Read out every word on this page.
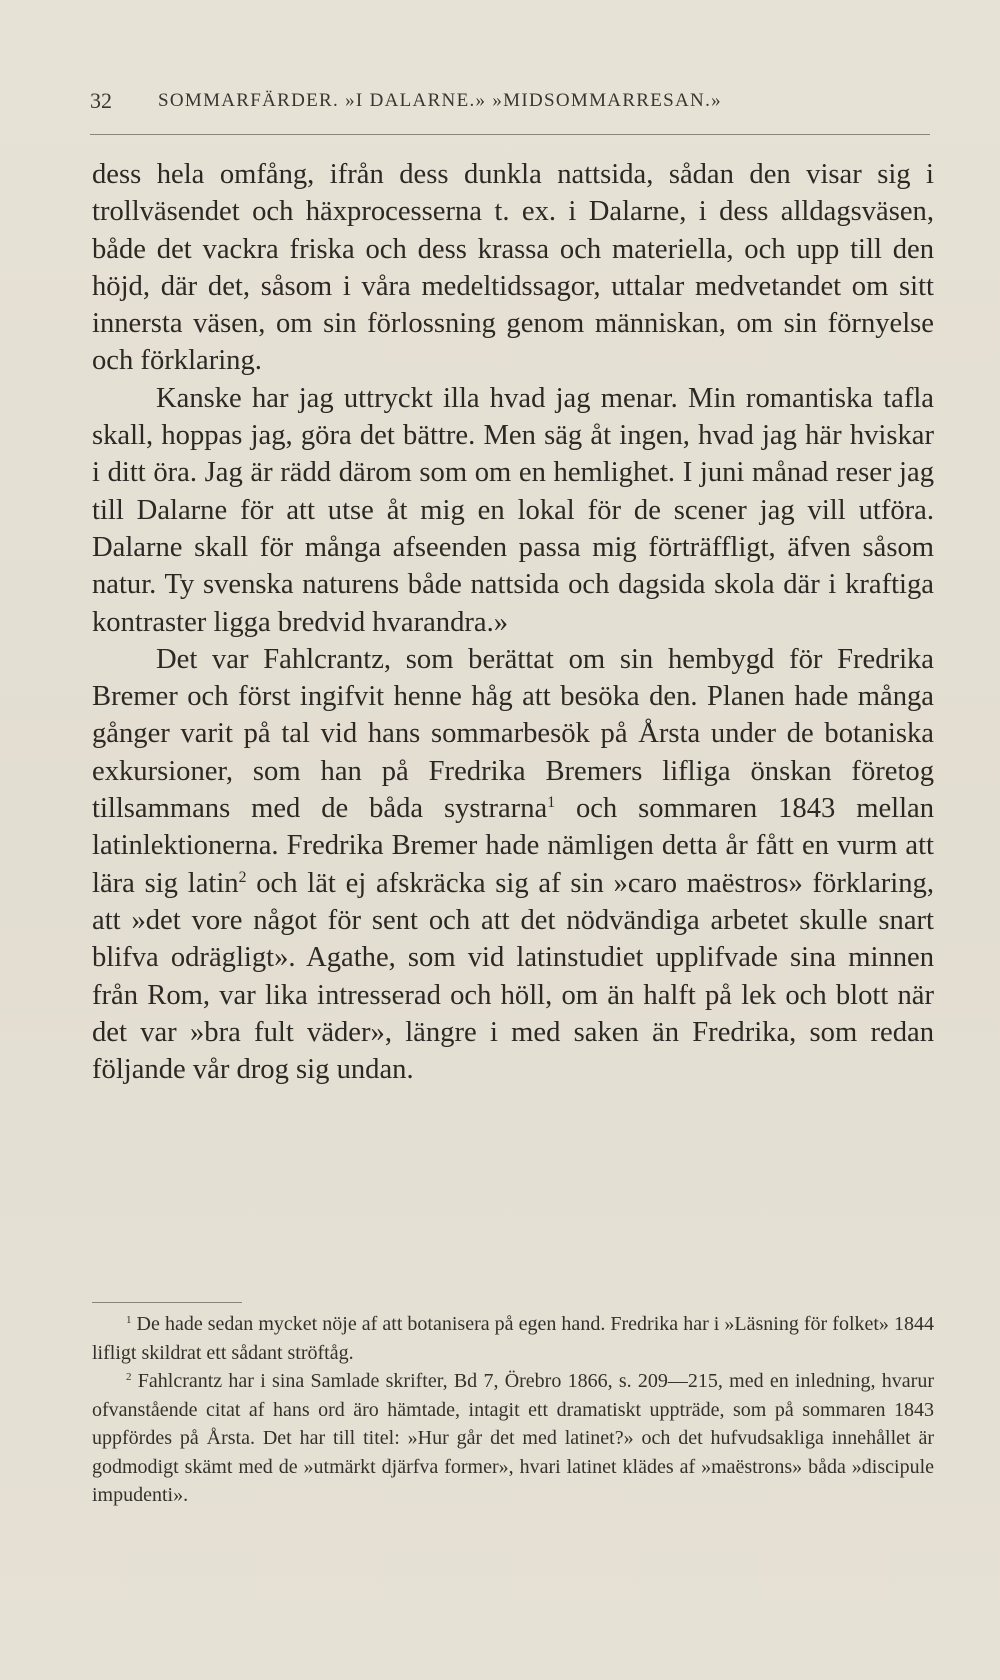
32 SOMMARFÄRDER. »I DALARNE.» »MIDSOMMARRESAN.»

dess hela omfång, ifrån dess dunkla nattsida, sådan den visar sig i trollväsendet och häxprocesserna t. ex. i Dalarne, i dess alldagsväsen, både det vackra friska och dess krassa och materiella, och upp till den höjd, där det, såsom i våra medeltidssagor, uttalar medvetandet om sitt innersta väsen, om sin förlossning genom människan, om sin förnyelse och förklaring.

Kanske har jag uttryckt illa hvad jag menar. Min romantiska tafla skall, hoppas jag, göra det bättre. Men säg åt ingen, hvad jag här hviskar i ditt öra. Jag är rädd därom som om en hemlighet. I juni månad reser jag till Dalarne för att utse åt mig en lokal för de scener jag vill utföra. Dalarne skall för många afseenden passa mig förträffligt, äfven såsom natur. Ty svenska naturens både nattsida och dagsida skola där i kraftiga kontraster ligga bredvid hvarandra.»

Det var Fahlcrantz, som berättat om sin hembygd för Fredrika Bremer och först ingifvit henne håg att besöka den. Planen hade många gånger varit på tal vid hans sommarbesök på Årsta under de botaniska exkursioner, som han på Fredrika Bremers lifliga önskan företog tillsammans med de båda systrarna$^1$ och sommaren 1843 mellan latinlektionerna. Fredrika Bremer hade nämligen detta år fått en vurm att lära sig latin$^2$ och lät ej afskräcka sig af sin »caro maëstros» förklaring, att »det vore något för sent och att det nödvändiga arbetet skulle snart blifva odrägligt». Agathe, som vid latinstudiet upplifvade sina minnen från Rom, var lika intresserad och höll, om än halft på lek och blott när det var »bra fult väder», längre i med saken än Fredrika, som redan följande vår drog sig undan.

$^1$ De hade sedan mycket nöje af att botanisera på egen hand. Fredrika har i »Läsning för folket» 1844 lifligt skildrat ett sådant ströftåg.

$^2$ Fahlcrantz har i sina Samlade skrifter, Bd 7, Örebro 1866, s. 209—215, med en inledning, hvarur ofvanstående citat af hans ord äro hämtade, intagit ett dramatiskt uppträde, som på sommaren 1843 uppfördes på Årsta. Det har till titel: »Hur går det med latinet?» och det hufvudsakliga innehållet är godmodigt skämt med de »utmärkt djärfva former», hvari latinet klädes af »maëstrons» båda »discipule impudenti».
